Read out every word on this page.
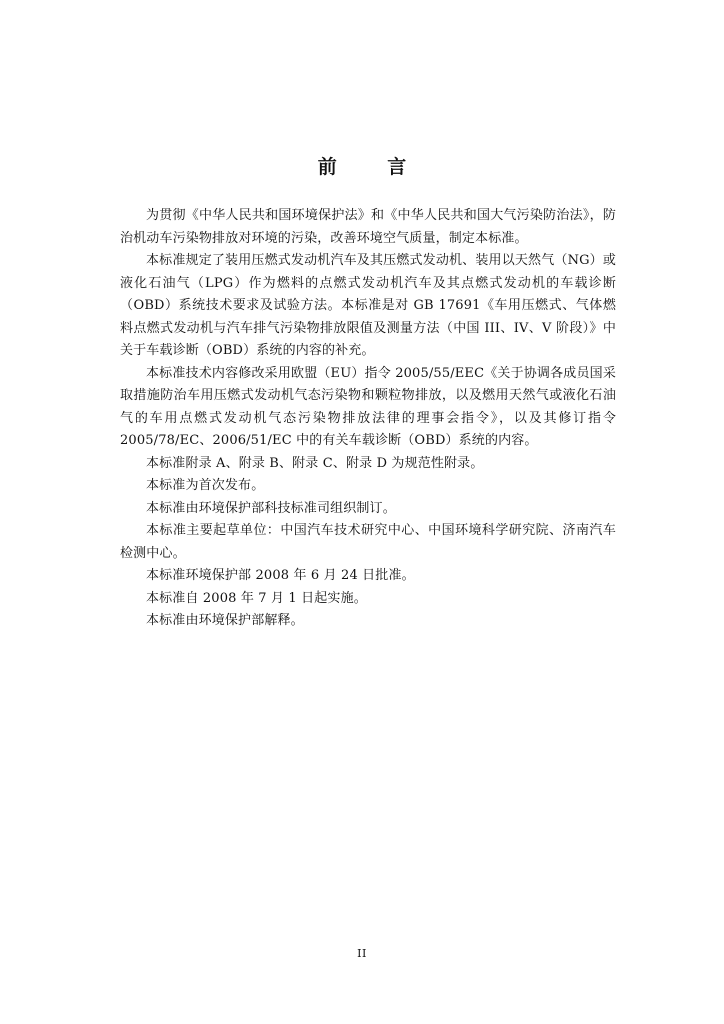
前 言

为贯彻《中华人民共和国环境保护法》和《中华人民共和国大气污染防治法》，防治机动车污染物排放对环境的污染，改善环境空气质量，制定本标准。

本标准规定了装用压燃式发动机汽车及其压燃式发动机、装用以天然气（NG）或液化石油气（LPG）作为燃料的点燃式发动机汽车及其点燃式发动机的车载诊断（OBD）系统技术要求及试验方法。本标准是对 GB 17691《车用压燃式、气体燃料点燃式发动机与汽车排气污染物排放限值及测量方法（中国 III、IV、V 阶段）》中关于车载诊断（OBD）系统的内容的补充。

本标准技术内容修改采用欧盟（EU）指令 2005/55/EEC《关于协调各成员国采取措施防治车用压燃式发动机气态污染物和颗粒物排放，以及燃用天然气或液化石油气的车用点燃式发动机气态污染物排放法律的理事会指令》，以及其修订指令 2005/78/EC、2006/51/EC 中的有关车载诊断（OBD）系统的内容。

本标准附录 A、附录 B、附录 C、附录 D 为规范性附录。

本标准为首次发布。

本标准由环境保护部科技标准司组织制订。

本标准主要起草单位：中国汽车技术研究中心、中国环境科学研究院、济南汽车检测中心。

本标准环境保护部 2008 年 6 月 24 日批准。

本标准自 2008 年 7 月 1 日起实施。

本标准由环境保护部解释。

II
